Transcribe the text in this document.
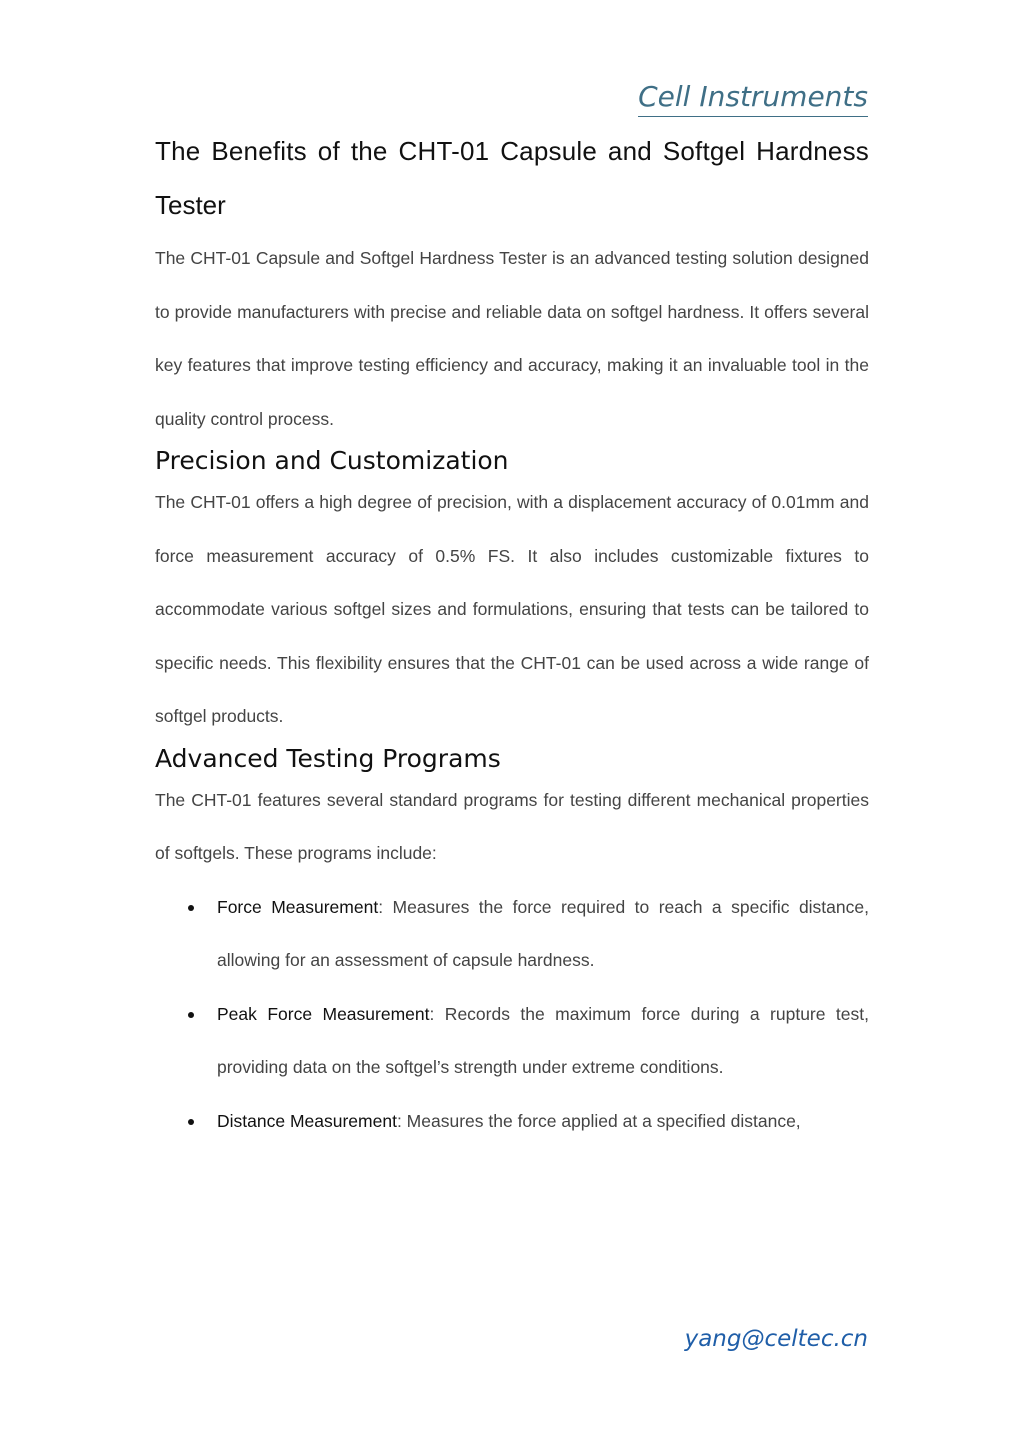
Cell Instruments
The Benefits of the CHT-01 Capsule and Softgel Hardness
Tester

The CHT-01 Capsule and Softgel Hardness Tester is an advanced testing solution designed to provide manufacturers with precise and reliable data on softgel hardness. It offers several key features that improve testing efficiency and accuracy, making it an invaluable tool in the quality control process.

Precision and Customization

The CHT-01 offers a high degree of precision, with a displacement accuracy of 0.01mm and force measurement accuracy of 0.5% FS. It also includes customizable fixtures to accommodate various softgel sizes and formulations, ensuring that tests can be tailored to specific needs. This flexibility ensures that the CHT-01 can be used across a wide range of softgel products.

Advanced Testing Programs

The CHT-01 features several standard programs for testing different mechanical properties of softgels. These programs include:

Force Measurement: Measures the force required to reach a specific distance, allowing for an assessment of capsule hardness.
Peak Force Measurement: Records the maximum force during a rupture test, providing data on the softgel’s strength under extreme conditions.
Distance Measurement: Measures the force applied at a specified distance,
yang@celtec.cn
